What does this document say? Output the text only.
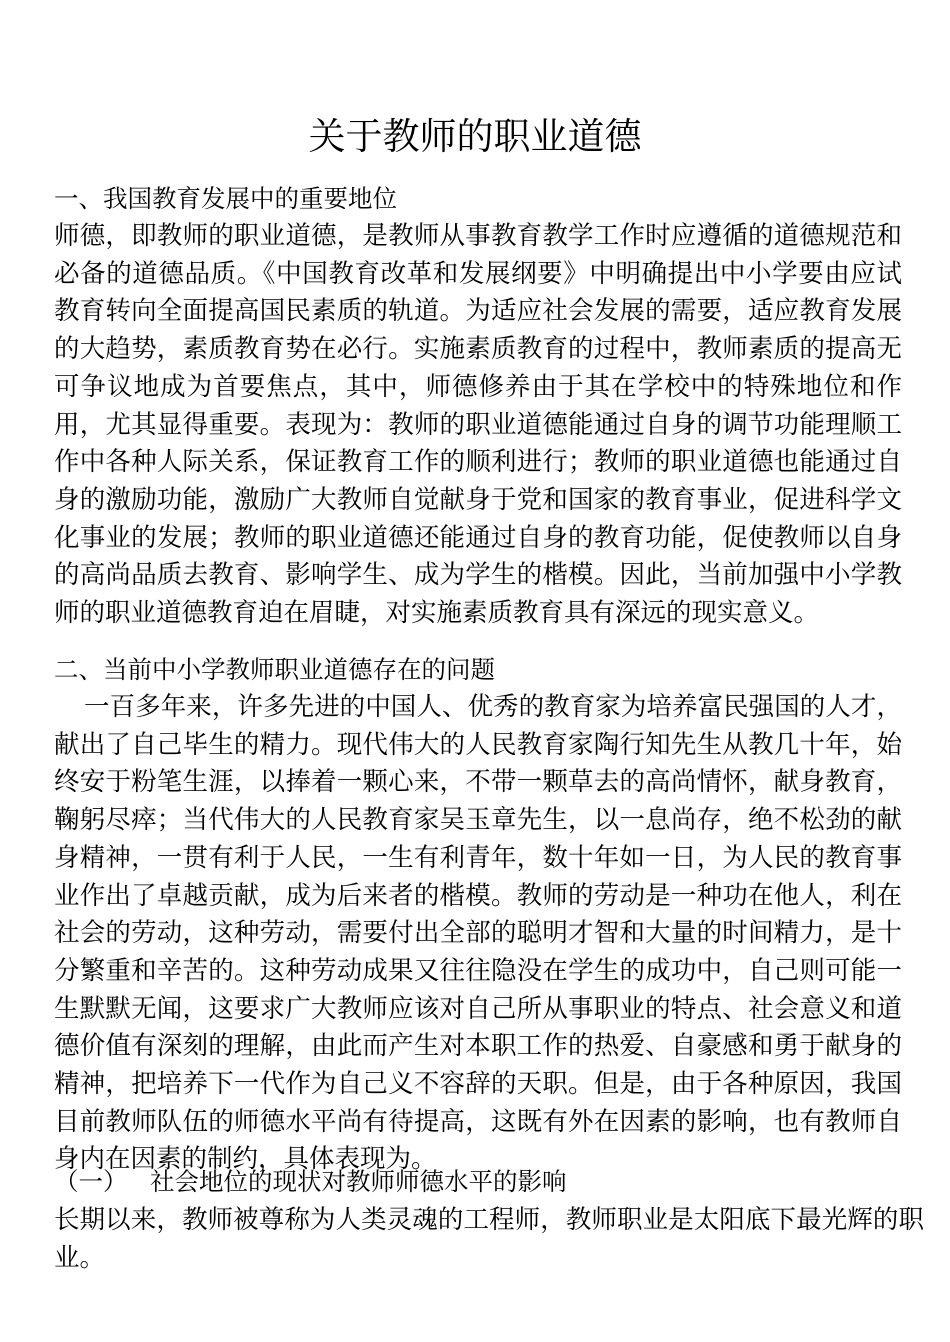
关于教师的职业道德
一、我国教育发展中的重要地位

师德，即教师的职业道德，是教师从事教育教学工作时应遵循的道德规范和必备的道德品质。《中国教育改革和发展纲要》中明确提出中小学要由应试教育转向全面提高国民素质的轨道。为适应社会发展的需要，适应教育发展的大趋势，素质教育势在必行。实施素质教育的过程中，教师素质的提高无可争议地成为首要焦点，其中，师德修养由于其在学校中的特殊地位和作用，尤其显得重要。表现为：教师的职业道德能通过自身的调节功能理顺工作中各种人际关系，保证教育工作的顺利进行；教师的职业道德也能通过自身的激励功能，激励广大教师自觉献身于党和国家的教育事业，促进科学文化事业的发展；教师的职业道德还能通过自身的教育功能，促使教师以自身的高尚品质去教育、影响学生、成为学生的楷模。因此，当前加强中小学教师的职业道德教育迫在眉睫，对实施素质教育具有深远的现实意义。

二、当前中小学教师职业道德存在的问题

一百多年来，许多先进的中国人、优秀的教育家为培养富民强国的人才，献出了自己毕生的精力。现代伟大的人民教育家陶行知先生从教几十年，始终安于粉笔生涯，以捧着一颗心来，不带一颗草去的高尚情怀，献身教育，鞠躬尽瘁；当代伟大的人民教育家吴玉章先生，以一息尚存，绝不松劲的献身精神，一贯有利于人民，一生有利青年，数十年如一日，为人民的教育事业作出了卓越贡献，成为后来者的楷模。教师的劳动是一种功在他人，利在社会的劳动，这种劳动，需要付出全部的聪明才智和大量的时间精力，是十分繁重和辛苦的。这种劳动成果又往往隐没在学生的成功中，自己则可能一生默默无闻，这要求广大教师应该对自己所从事职业的特点、社会意义和道德价值有深刻的理解，由此而产生对本职工作的热爱、自豪感和勇于献身的精神，把培养下一代作为自己义不容辞的天职。但是，由于各种原因，我国目前教师队伍的师德水平尚有待提高，这既有外在因素的影响，也有教师自身内在因素的制约，具体表现为。

（一） 社会地位的现状对教师师德水平的影响

长期以来，教师被尊称为人类灵魂的工程师，教师职业是太阳底下最光辉的职业。
